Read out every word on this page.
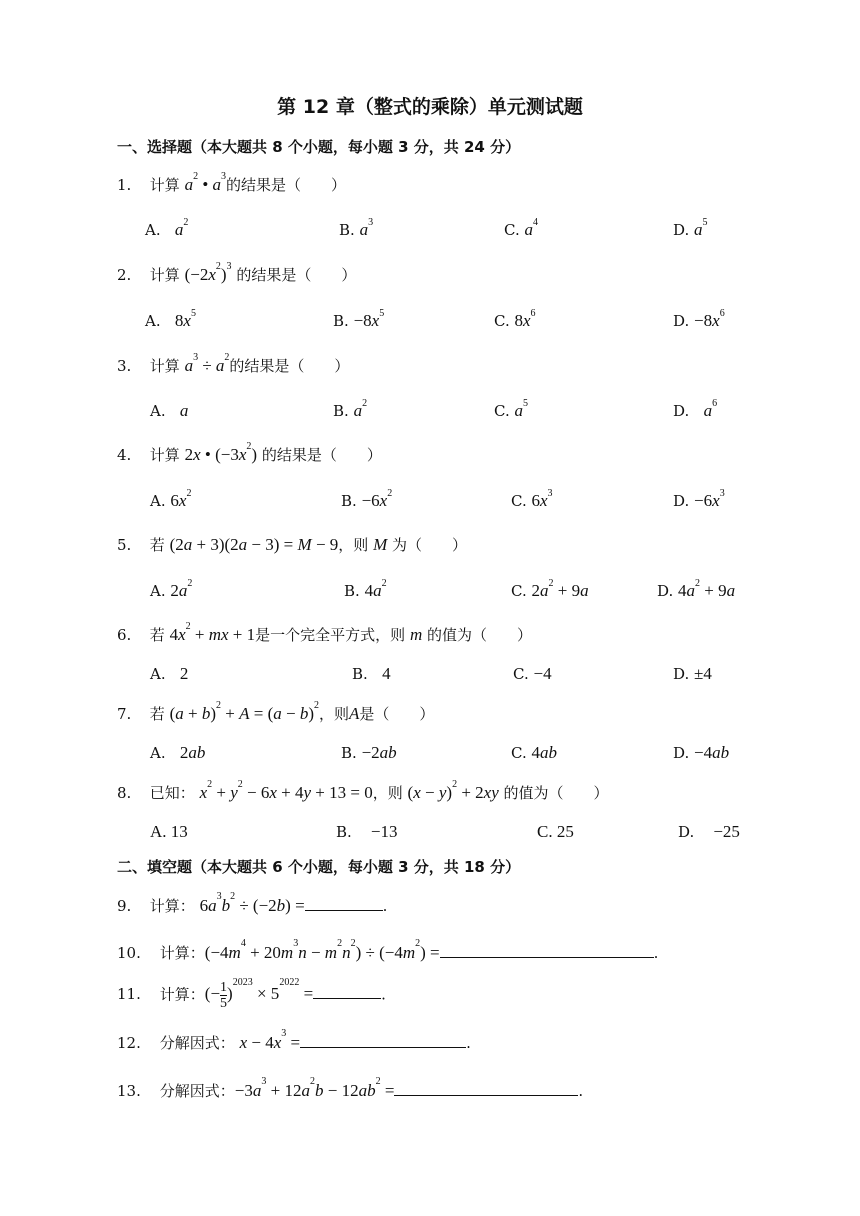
第 12 章（整式的乘除）单元测试题
一、选择题（本大题共 8 个小题，每小题 3 分，共 24 分）
1. 计算 $a^2$ • $a^3$的结果是（　　）
A. $a^2$	B. $a^3$	C. $a^4$	D. $a^5$
2. 计算 $(-2x^2)^3$ 的结果是（　　）
A. $8x^5$	B. $-8x^5$	C. $8x^6$	D. $-8x^6$
3. 计算 $a^3 \div a^2$的结果是（　　）
A. a	B. $a^2$	C. $a^5$	D. $a^6$
4. 计算 2x • $(-3x^2)$ 的结果是（　　）
A. $6x^2$	B. $-6x^2$	C. $6x^3$	D. $-6x^3$
5. 若 (2a + 3)(2a − 3) = M − 9，则 M 为（　　）
A. $2a^2$	B. $4a^2$	C. $2a^2 + 9a$	D. $4a^2 + 9a$
6. 若 $4x^2$ + mx + 1是一个完全平方式，则 m 的值为（　　）
A. 2	B. 4	C. −4	D. ±4
7. 若 $(a + b)^2 + A = (a - b)^2$，则A是（　　）
A. 2ab	B. −2ab	C. 4ab	D. −4ab
8. 已知： $x^2 + y^2 - 6x + 4y + 13 = 0$，则 $(x - y)^2 + 2xy$ 的值为（　　）
A. 13	B. −13	C. 25	D. −25
二、填空题（本大题共 6 个小题，每小题 3 分，共 18 分）
9. 计算： $6a^3b^2 \div (-2b)$ =	.
10. 计算：$(-4m^4 + 20m^3n - m^2n^2) \div (-4m^2)$ =	.
11. 计算：(− $\frac{1}{5} )^{2023} \times 5^{2022}$ =	.
12. 分解因式： $x - 4x^3$ =	.
13. 分解因式：$-3a^3 + 12a^2b - 12ab^2$ =	.
